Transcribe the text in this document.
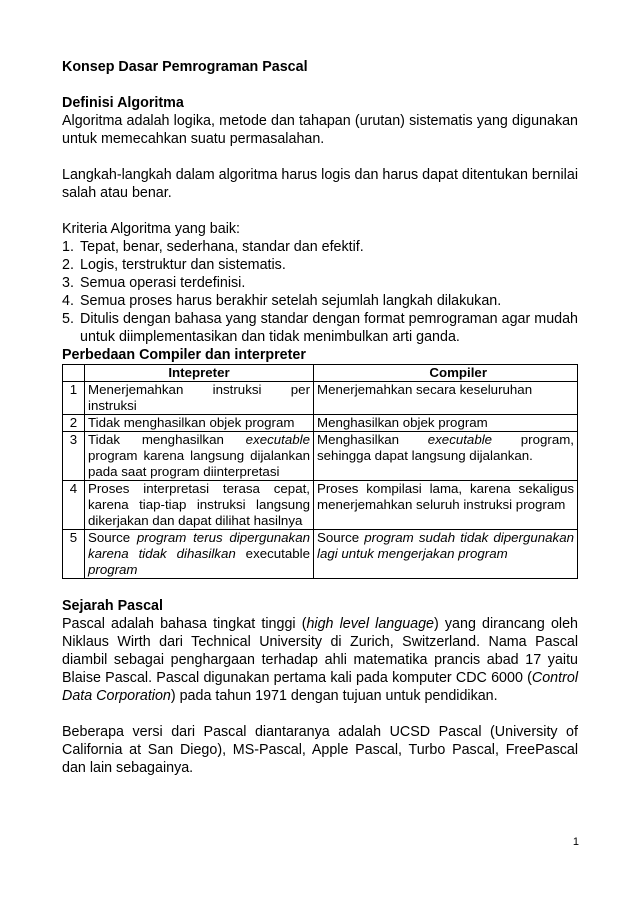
Konsep Dasar Pemrograman Pascal

Definisi Algoritma

Algoritma adalah logika, metode dan tahapan (urutan) sistematis yang digunakan untuk memecahkan suatu permasalahan.

Langkah-langkah dalam algoritma harus logis dan harus dapat ditentukan bernilai salah atau benar.

Kriteria Algoritma yang baik:

1. Tepat, benar, sederhana, standar dan efektif.
2. Logis, terstruktur dan sistematis.
3. Semua operasi terdefinisi.
4. Semua proses harus berakhir setelah sejumlah langkah dilakukan.
5. Ditulis dengan bahasa yang standar dengan format pemrograman agar mudah untuk diimplementasikan dan tidak menimbulkan arti ganda.

Perbedaan Compiler dan interpreter

	Intepreter	Compiler
1	Menerjemahkan instruksi per instruksi	Menerjemahkan secara keseluruhan
2	Tidak menghasilkan objek program	Menghasilkan objek program
3	Tidak menghasilkan executable program karena langsung dijalankan pada saat program diinterpretasi	Menghasilkan executable program, sehingga dapat langsung dijalankan.
4	Proses interpretasi terasa cepat, karena tiap-tiap instruksi langsung dikerjakan dan dapat dilihat hasilnya	Proses kompilasi lama, karena sekaligus menerjemahkan seluruh instruksi program
5	Source program terus dipergunakan karena tidak dihasilkan executable program	Source program sudah tidak dipergunakan lagi untuk mengerjakan program

Sejarah Pascal

Pascal adalah bahasa tingkat tinggi (high level language) yang dirancang oleh Niklaus Wirth dari Technical University di Zurich, Switzerland. Nama Pascal diambil sebagai penghargaan terhadap ahli matematika prancis abad 17 yaitu Blaise Pascal. Pascal digunakan pertama kali pada komputer CDC 6000 (Control Data Corporation) pada tahun 1971 dengan tujuan untuk pendidikan.

Beberapa versi dari Pascal diantaranya adalah UCSD Pascal (University of California at San Diego), MS-Pascal, Apple Pascal, Turbo Pascal, FreePascal dan lain sebagainya.

1
